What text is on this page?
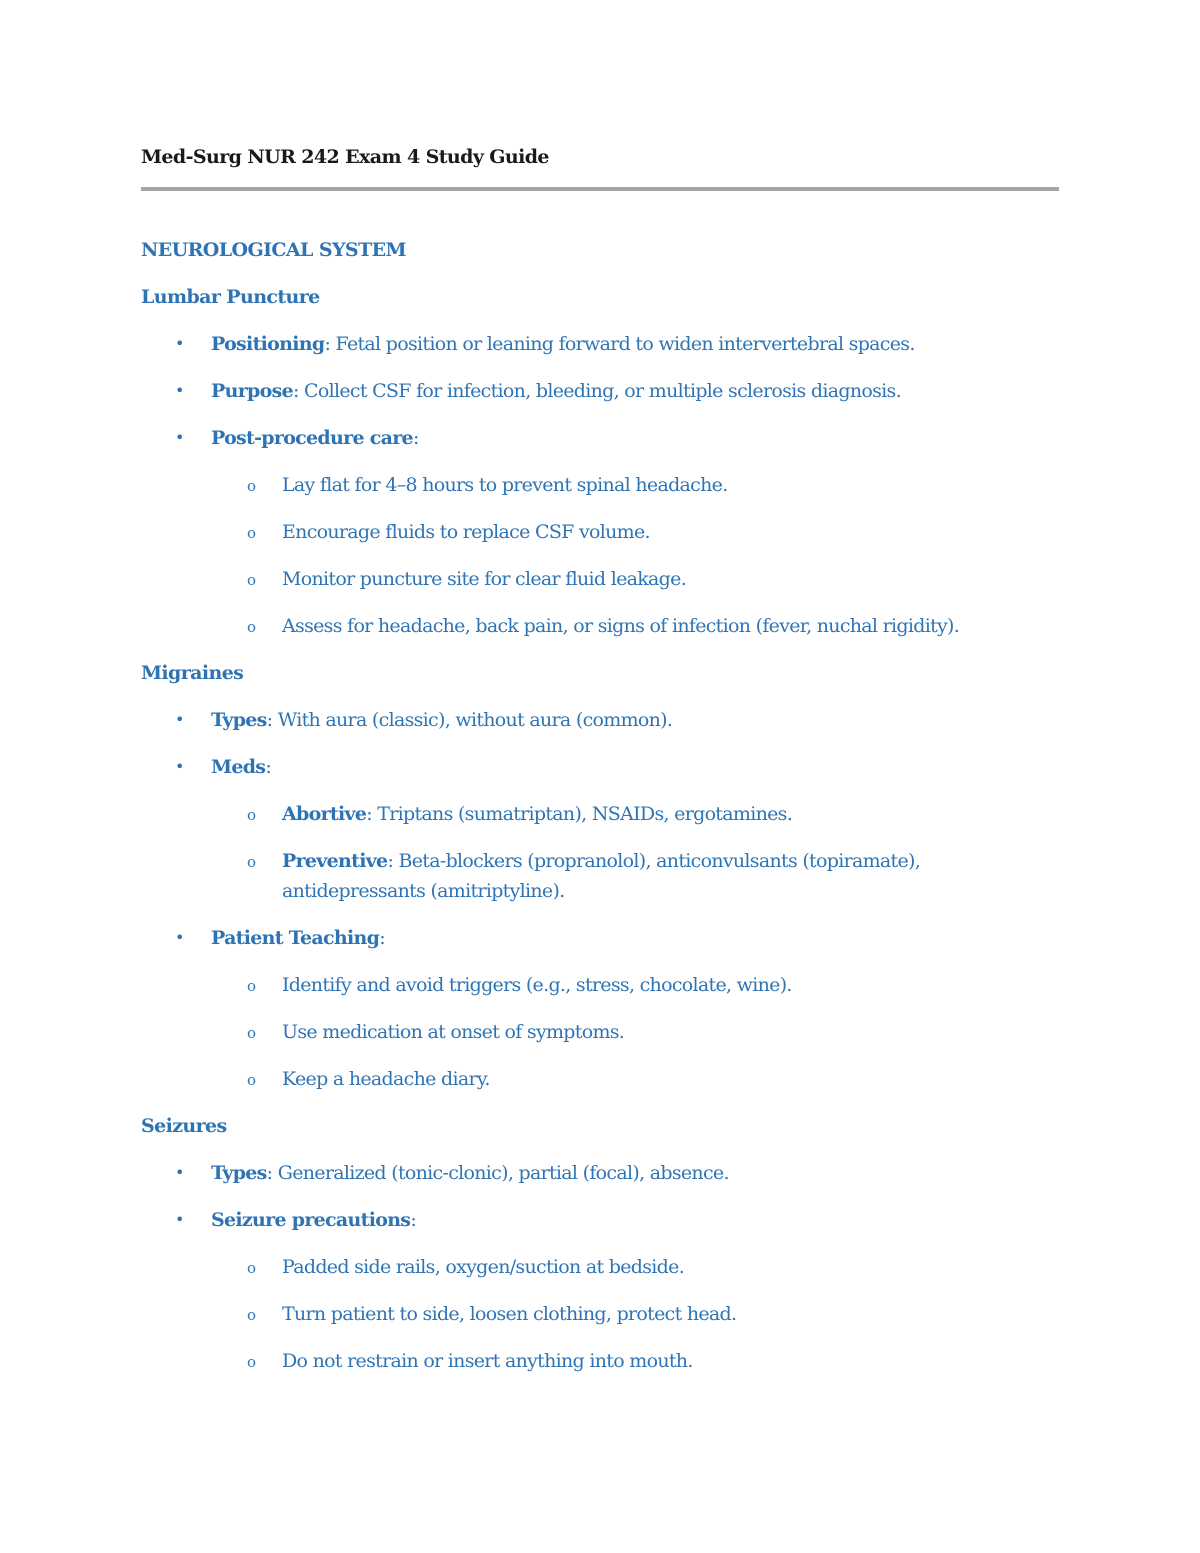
Med-Surg NUR 242 Exam 4 Study Guide
NEUROLOGICAL SYSTEM
Lumbar Puncture
• Positioning: Fetal position or leaning forward to widen intervertebral spaces.
• Purpose: Collect CSF for infection, bleeding, or multiple sclerosis diagnosis.
• Post-procedure care:
o Lay flat for 4–8 hours to prevent spinal headache.
o Encourage fluids to replace CSF volume.
o Monitor puncture site for clear fluid leakage.
o Assess for headache, back pain, or signs of infection (fever, nuchal rigidity).
Migraines
• Types: With aura (classic), without aura (common).
• Meds:
o Abortive: Triptans (sumatriptan), NSAIDs, ergotamines.
o Preventive: Beta-blockers (propranolol), anticonvulsants (topiramate), antidepressants (amitriptyline).
• Patient Teaching:
o Identify and avoid triggers (e.g., stress, chocolate, wine).
o Use medication at onset of symptoms.
o Keep a headache diary.
Seizures
• Types: Generalized (tonic-clonic), partial (focal), absence.
• Seizure precautions:
o Padded side rails, oxygen/suction at bedside.
o Turn patient to side, loosen clothing, protect head.
o Do not restrain or insert anything into mouth.
